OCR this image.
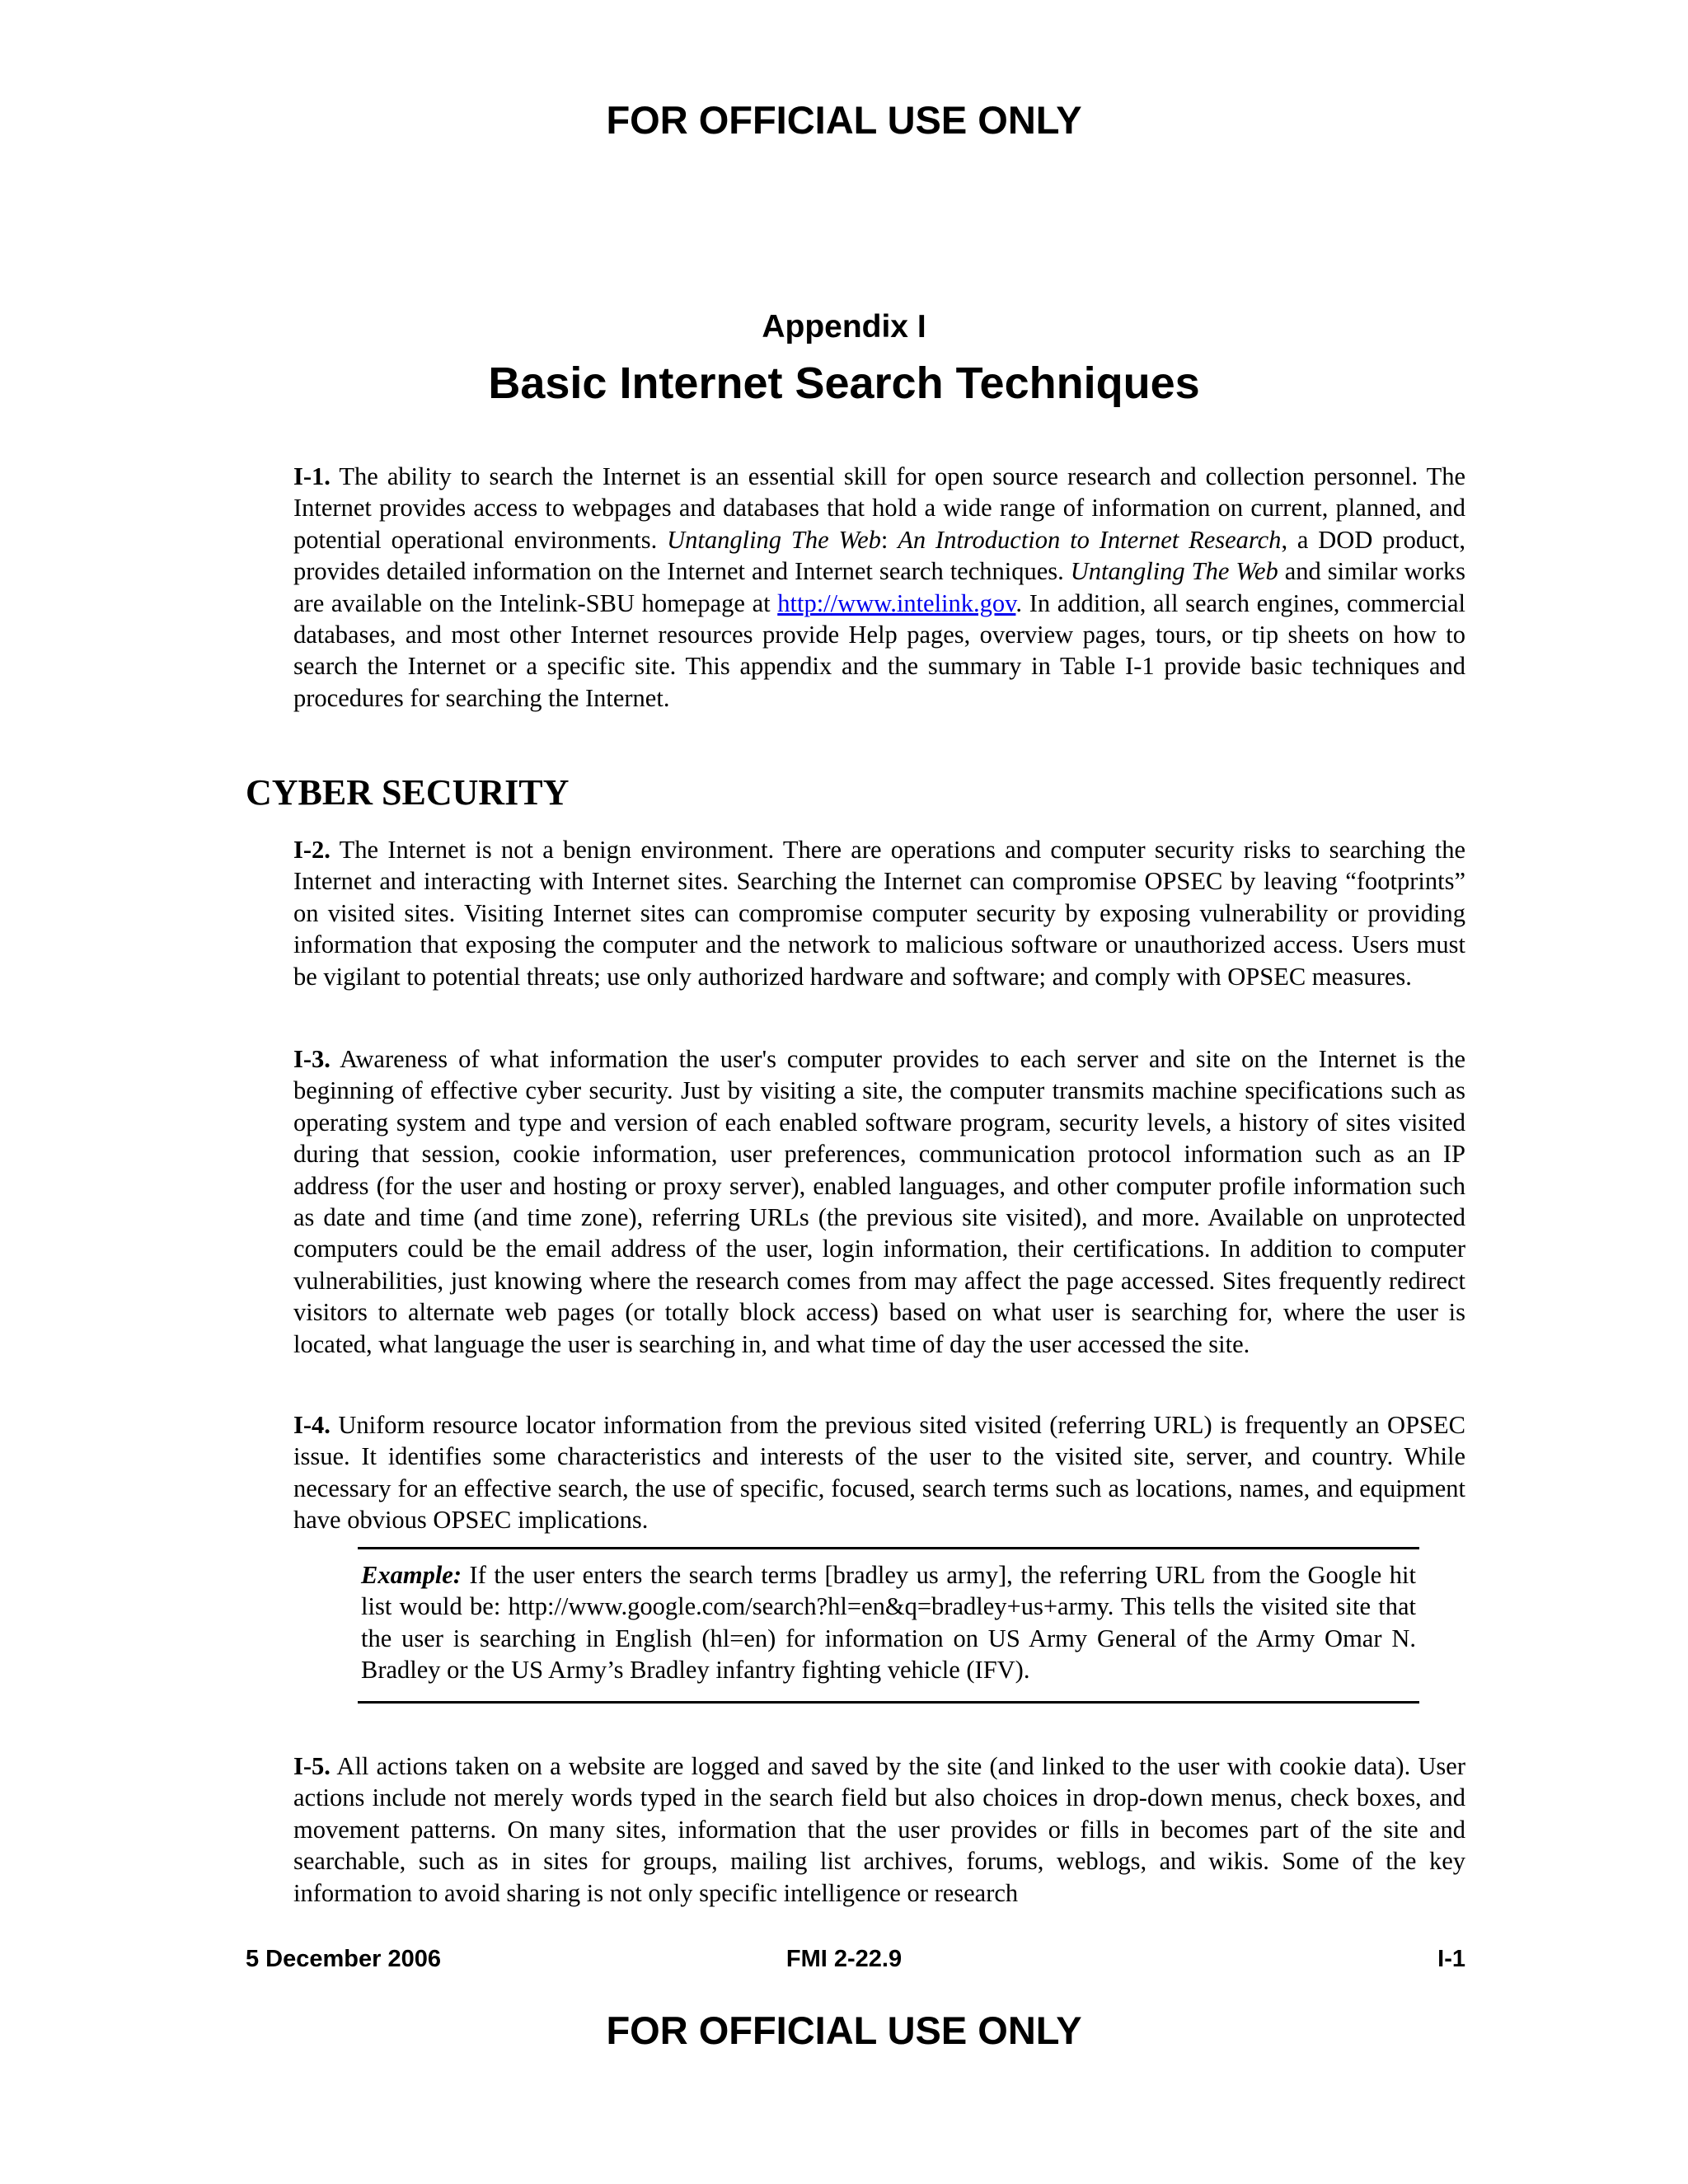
FOR OFFICIAL USE ONLY
Appendix I
Basic Internet Search Techniques

I-1. The ability to search the Internet is an essential skill for open source research and collection personnel. The Internet provides access to webpages and databases that hold a wide range of information on current, planned, and potential operational environments. Untangling The Web: An Introduction to Internet Research, a DOD product, provides detailed information on the Internet and Internet search techniques. Untangling The Web and similar works are available on the Intelink-SBU homepage at http://www.intelink.gov. In addition, all search engines, commercial databases, and most other Internet resources provide Help pages, overview pages, tours, or tip sheets on how to search the Internet or a specific site. This appendix and the summary in Table I-1 provide basic techniques and procedures for searching the Internet.

CYBER SECURITY

I-2. The Internet is not a benign environment. There are operations and computer security risks to searching the Internet and interacting with Internet sites. Searching the Internet can compromise OPSEC by leaving “footprints” on visited sites. Visiting Internet sites can compromise computer security by exposing vulnerability or providing information that exposing the computer and the network to malicious software or unauthorized access. Users must be vigilant to potential threats; use only authorized hardware and software; and comply with OPSEC measures.

I-3. Awareness of what information the user's computer provides to each server and site on the Internet is the beginning of effective cyber security. Just by visiting a site, the computer transmits machine specifications such as operating system and type and version of each enabled software program, security levels, a history of sites visited during that session, cookie information, user preferences, communication protocol information such as an IP address (for the user and hosting or proxy server), enabled languages, and other computer profile information such as date and time (and time zone), referring URLs (the previous site visited), and more. Available on unprotected computers could be the email address of the user, login information, their certifications. In addition to computer vulnerabilities, just knowing where the research comes from may affect the page accessed. Sites frequently redirect visitors to alternate web pages (or totally block access) based on what user is searching for, where the user is located, what language the user is searching in, and what time of day the user accessed the site.

I-4. Uniform resource locator information from the previous sited visited (referring URL) is frequently an OPSEC issue. It identifies some characteristics and interests of the user to the visited site, server, and country. While necessary for an effective search, the use of specific, focused, search terms such as locations, names, and equipment have obvious OPSEC implications.

Example: If the user enters the search terms [bradley us army], the referring URL from the Google hit list would be: http://www.google.com/search?hl=en&q=bradley+us+army. This tells the visited site that the user is searching in English (hl=en) for information on US Army General of the Army Omar N. Bradley or the US Army’s Bradley infantry fighting vehicle (IFV).

I-5. All actions taken on a website are logged and saved by the site (and linked to the user with cookie data). User actions include not merely words typed in the search field but also choices in drop-down menus, check boxes, and movement patterns. On many sites, information that the user provides or fills in becomes part of the site and searchable, such as in sites for groups, mailing list archives, forums, weblogs, and wikis. Some of the key information to avoid sharing is not only specific intelligence or research

5 December 2006	FMI 2-22.9	I-1
FOR OFFICIAL USE ONLY
